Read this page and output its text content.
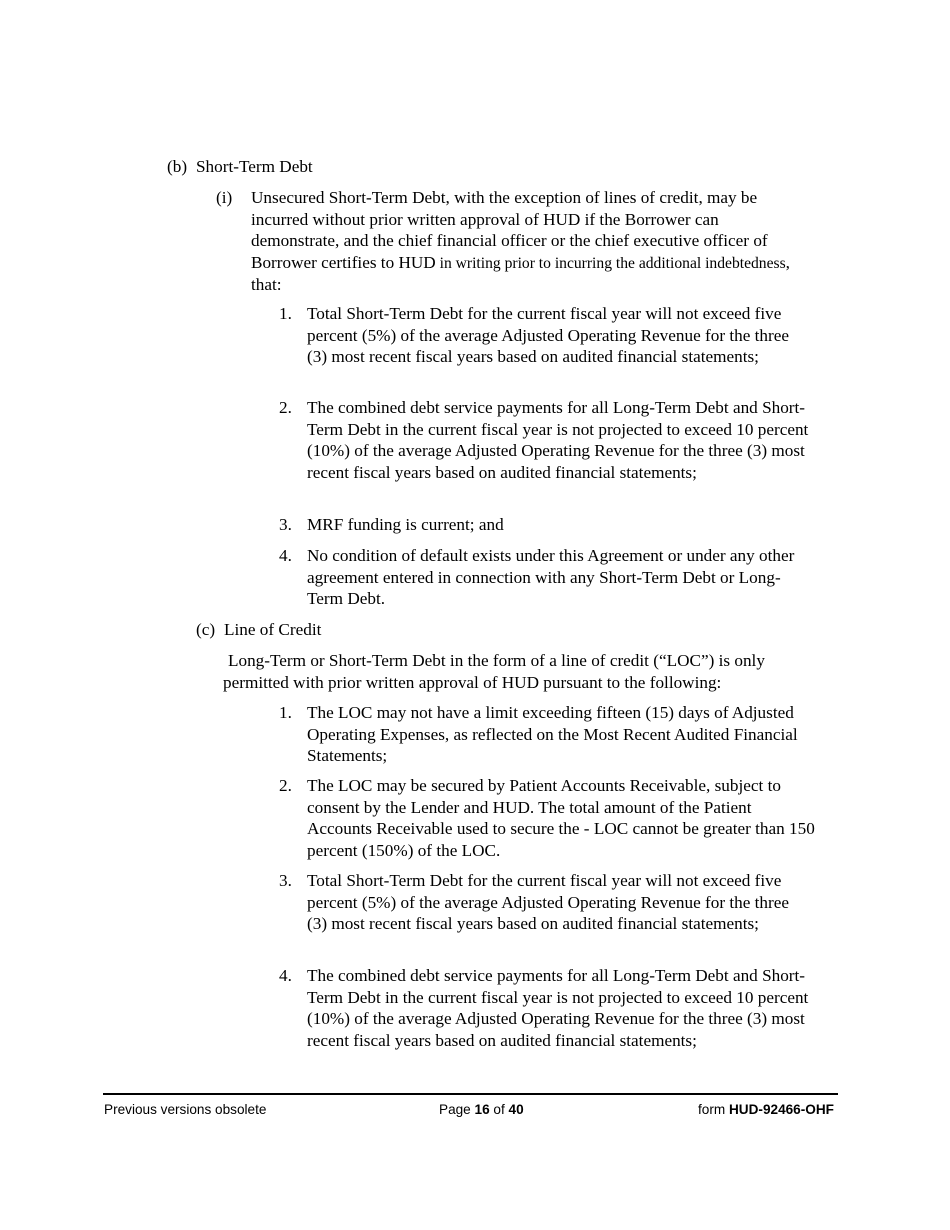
(b) Short-Term Debt
(i) Unsecured Short-Term Debt, with the exception of lines of credit, may be incurred without prior written approval of HUD if the Borrower can demonstrate, and the chief financial officer or the chief executive officer of Borrower certifies to HUD in writing prior to incurring the additional indebtedness, that:

1. Total Short-Term Debt for the current fiscal year will not exceed five percent (5%) of the average Adjusted Operating Revenue for the three (3) most recent fiscal years based on audited financial statements;

2. The combined debt service payments for all Long-Term Debt and Short-Term Debt in the current fiscal year is not projected to exceed 10 percent (10%) of the average Adjusted Operating Revenue for the three (3) most recent fiscal years based on audited financial statements;

3. MRF funding is current; and

4. No condition of default exists under this Agreement or under any other agreement entered in connection with any Short-Term Debt or Long-Term Debt.

(c) Line of Credit

Long-Term or Short-Term Debt in the form of a line of credit (“LOC”) is only permitted with prior written approval of HUD pursuant to the following:

1. The LOC may not have a limit exceeding fifteen (15) days of Adjusted Operating Expenses, as reflected on the Most Recent Audited Financial Statements;

2. The LOC may be secured by Patient Accounts Receivable, subject to consent by the Lender and HUD. The total amount of the Patient Accounts Receivable used to secure the - LOC cannot be greater than 150 percent (150%) of the LOC.

3. Total Short-Term Debt for the current fiscal year will not exceed five percent (5%) of the average Adjusted Operating Revenue for the three (3) most recent fiscal years based on audited financial statements;

4. The combined debt service payments for all Long-Term Debt and Short-Term Debt in the current fiscal year is not projected to exceed 10 percent (10%) of the average Adjusted Operating Revenue for the three (3) most recent fiscal years based on audited financial statements;

Previous versions obsolete	Page 16 of 40	form HUD-92466-OHF
